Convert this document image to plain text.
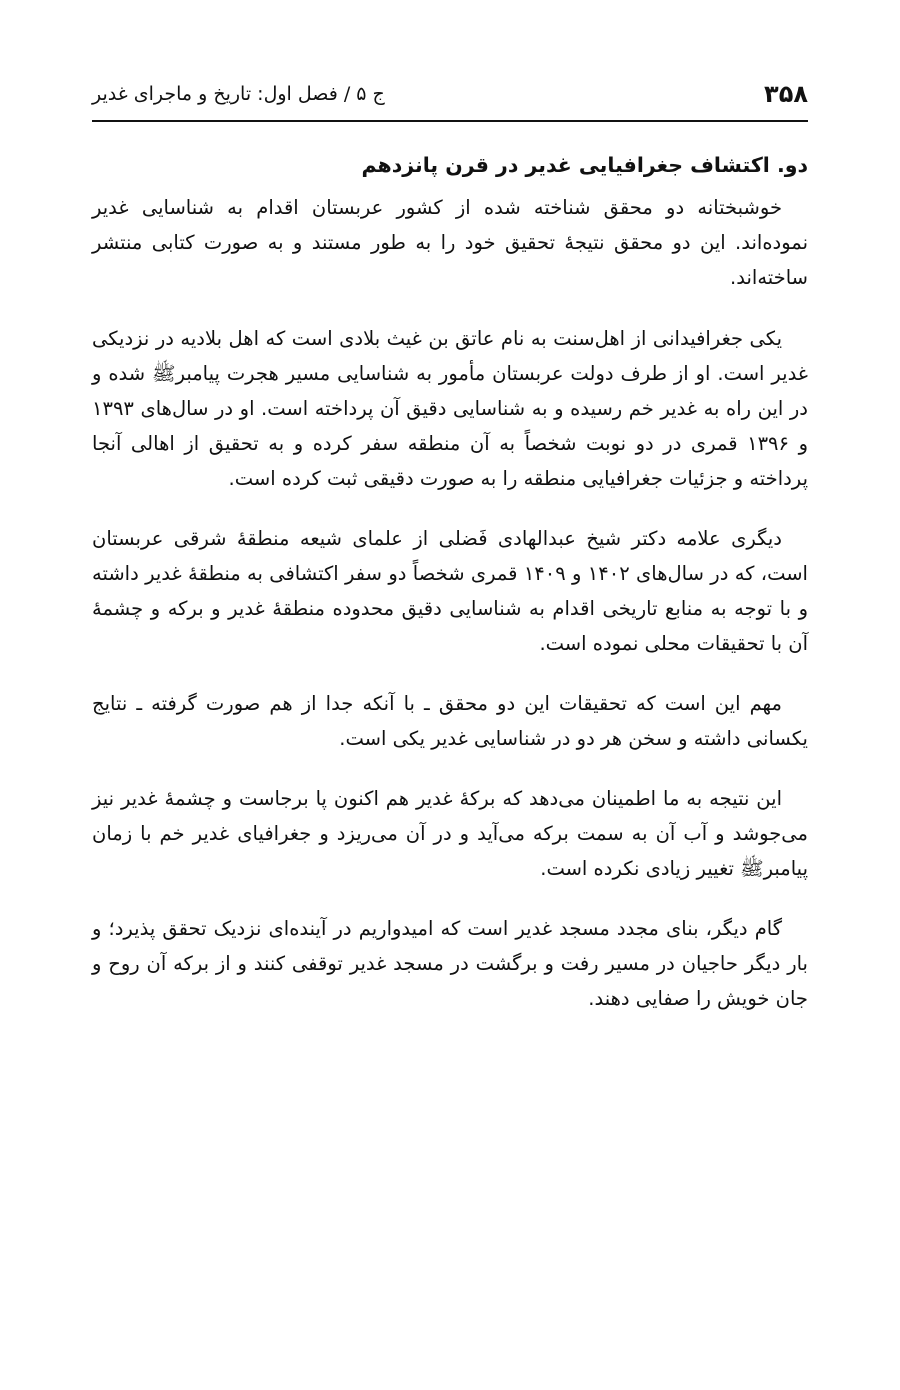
۳۵۸
ج ۵ / فصل اول: تاریخ و ماجرای غدیر
دو. اکتشاف جغرافیایی غدیر در قرن پانزدهم

خوشبختانه دو محقق شناخته شده از کشور عربستان اقدام به شناسایی غدیر نموده‌اند. این دو محقق نتیجهٔ تحقیق خود را به طور مستند و به صورت کتابی منتشر ساخته‌اند.

یکی جغرافیدانی از اهل‌سنت به نام عاتق بن غیث بلادی است که اهل بلادیه در نزدیکی غدیر است. او از طرف دولت عربستان مأمور به شناسایی مسیر هجرت پیامبرﷺ شده و در این راه به غدیر خم رسیده و به شناسایی دقیق آن پرداخته است. او در سال‌های ۱۳۹۳ و ۱۳۹۶ قمری در دو نوبت شخصاً به آن منطقه سفر کرده و به تحقیق از اهالی آنجا پرداخته و جزئیات جغرافیایی منطقه را به صورت دقیقی ثبت کرده است.

دیگری علامه دکتر شیخ عبدالهادی فَضلی از علمای شیعه منطقهٔ شرقی عربستان است، که در سال‌های ۱۴۰۲ و ۱۴۰۹ قمری شخصاً دو سفر اکتشافی به منطقهٔ غدیر داشته و با توجه به منابع تاریخی اقدام به شناسایی دقیق محدوده منطقهٔ غدیر و برکه و چشمهٔ آن با تحقیقات محلی نموده است.

مهم این است که تحقیقات این دو محقق ـ با آنکه جدا از هم صورت گرفته ـ نتایج یکسانی داشته و سخن هر دو در شناسایی غدیر یکی است.

این نتیجه به ما اطمینان می‌دهد که برکهٔ غدیر هم اکنون پا برجاست و چشمهٔ غدیر نیز می‌جوشد و آب آن به سمت برکه می‌آید و در آن می‌ریزد و جغرافیای غدیر خم با زمان پیامبرﷺ تغییر زیادی نکرده است.

گام دیگر، بنای مجدد مسجد غدیر است که امیدواریم در آینده‌ای نزدیک تحقق پذیرد؛ و بار دیگر حاجیان در مسیر رفت و برگشت در مسجد غدیر توقفی کنند و از برکه آن روح و جان خویش را صفایی دهند.
